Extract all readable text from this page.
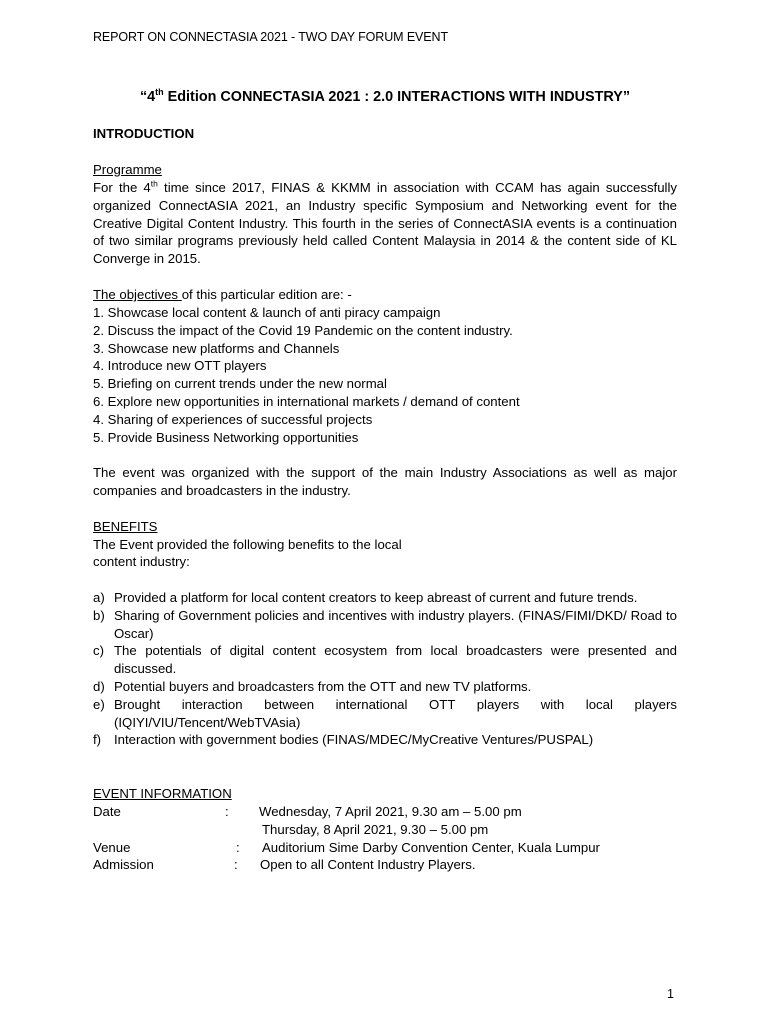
REPORT ON CONNECTASIA 2021 - TWO DAY FORUM EVENT
“4th Edition CONNECTASIA 2021 : 2.0 INTERACTIONS WITH INDUSTRY”
INTRODUCTION
Programme
For the 4th time since 2017, FINAS & KKMM in association with CCAM has again successfully organized ConnectASIA 2021, an Industry specific Symposium and Networking event for the Creative Digital Content Industry. This fourth in the series of ConnectASIA events is a continuation of two similar programs previously held called Content Malaysia in 2014 & the content side of KL Converge in 2015.
The objectives of this particular edition are: -
1. Showcase local content & launch of anti piracy campaign
2. Discuss the impact of the Covid 19 Pandemic on the content industry.
3. Showcase new platforms and Channels
4. Introduce new OTT players
5. Briefing on current trends under the new normal
6. Explore new opportunities in international markets / demand of content
4. Sharing of experiences of successful projects
5. Provide Business Networking opportunities
The event was organized with the support of the main Industry Associations as well as major companies and broadcasters in the industry.
BENEFITS
The Event provided the following benefits to the local
content industry:
a) Provided a platform for local content creators to keep abreast of current and future trends.
b) Sharing of Government policies and incentives with industry players. (FINAS/FIMI/DKD/ Road to Oscar)
c) The potentials of digital content ecosystem from local broadcasters were presented and discussed.
d) Potential buyers and broadcasters from the OTT and new TV platforms.
e) Brought interaction between international OTT players with local players (IQIYI/VIU/Tencent/WebTVAsia)
f) Interaction with government bodies (FINAS/MDEC/MyCreative Ventures/PUSPAL)
EVENT INFORMATION
Date	: Wednesday, 7 April 2021, 9.30 am – 5.00 pm
Thursday, 8 April 2021, 9.30 – 5.00 pm
Venue	: Auditorium Sime Darby Convention Center, Kuala Lumpur
Admission	: Open to all Content Industry Players.
1
